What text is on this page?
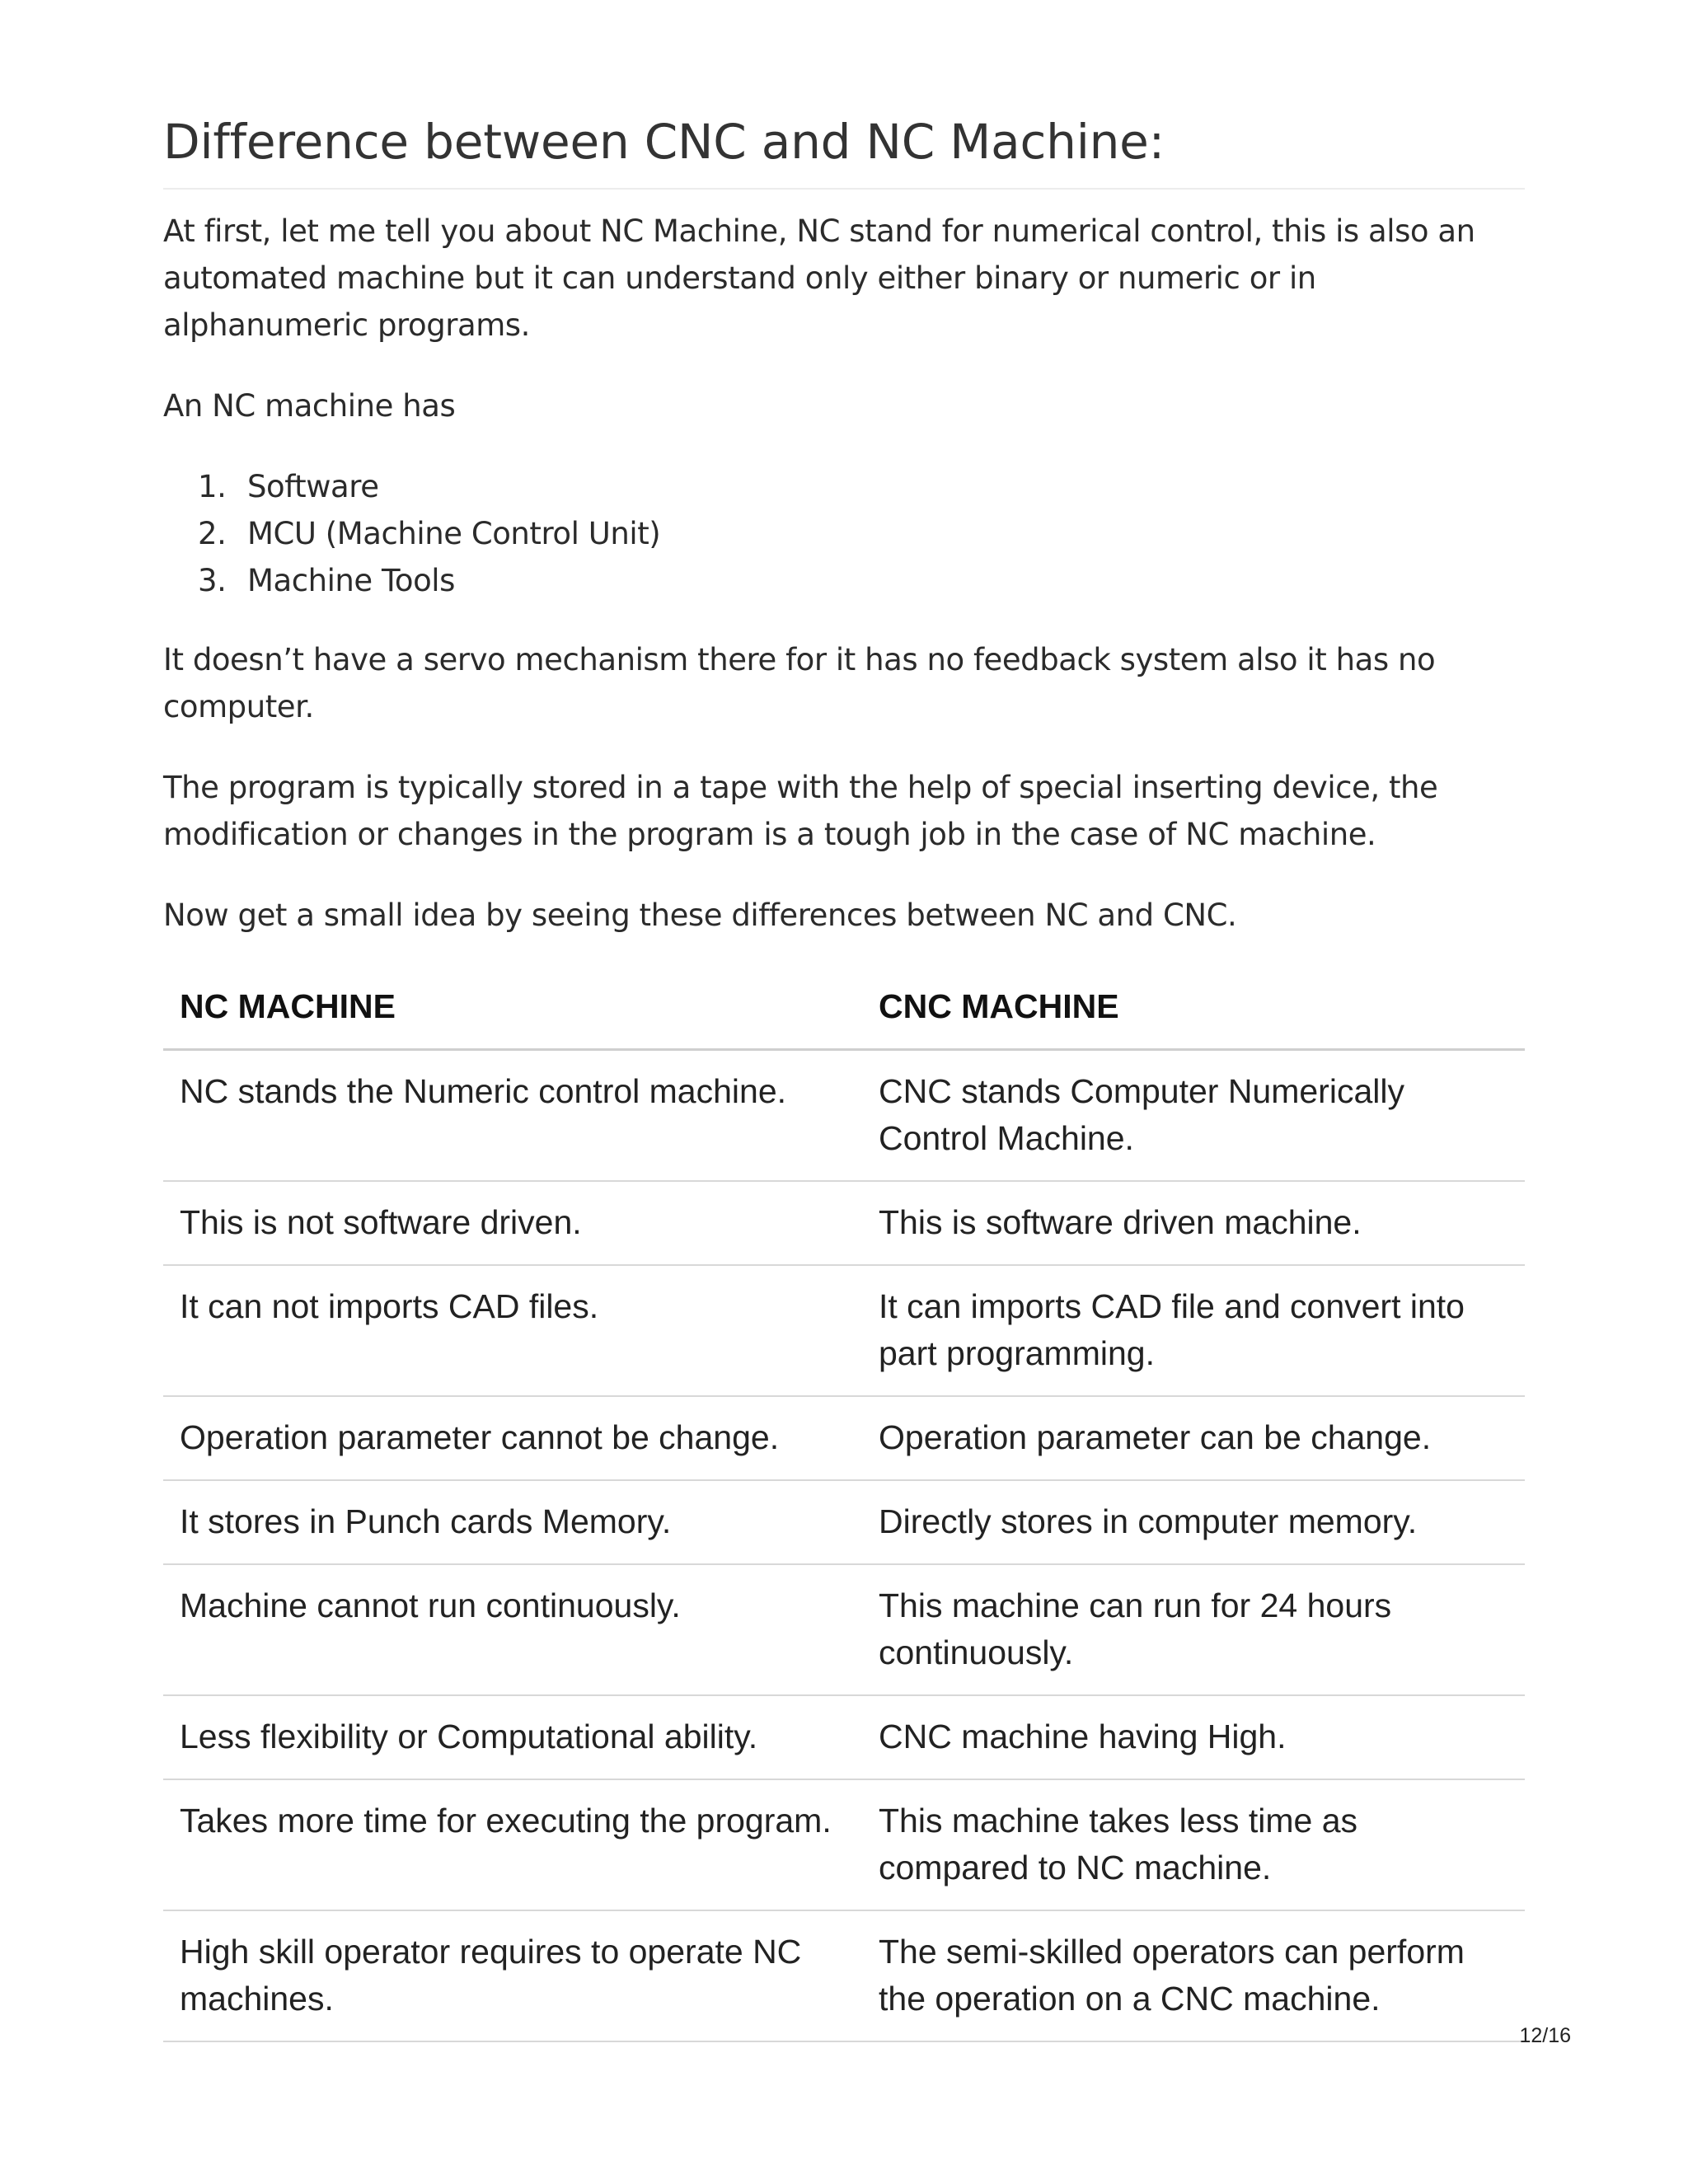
Difference between CNC and NC Machine:

At first, let me tell you about NC Machine, NC stand for numerical control, this is also an automated machine but it can understand only either binary or numeric or in alphanumeric programs.

An NC machine has

1. Software
2. MCU (Machine Control Unit)
3. Machine Tools

It doesn’t have a servo mechanism there for it has no feedback system also it has no computer.

The program is typically stored in a tape with the help of special inserting device, the modification or changes in the program is a tough job in the case of NC machine.

Now get a small idea by seeing these differences between NC and CNC.

NC MACHINE	CNC MACHINE
NC stands the Numeric control machine.	CNC stands Computer Numerically Control Machine.
This is not software driven.	This is software driven machine.
It can not imports CAD files.	It can imports CAD file and convert into part programming.
Operation parameter cannot be change.	Operation parameter can be change.
It stores in Punch cards Memory.	Directly stores in computer memory.
Machine cannot run continuously.	This machine can run for 24 hours continuously.
Less flexibility or Computational ability.	CNC machine having High.
Takes more time for executing the program.	This machine takes less time as compared to NC machine.
High skill operator requires to operate NC machines.	The semi-skilled operators can perform the operation on a CNC machine.
12/16
